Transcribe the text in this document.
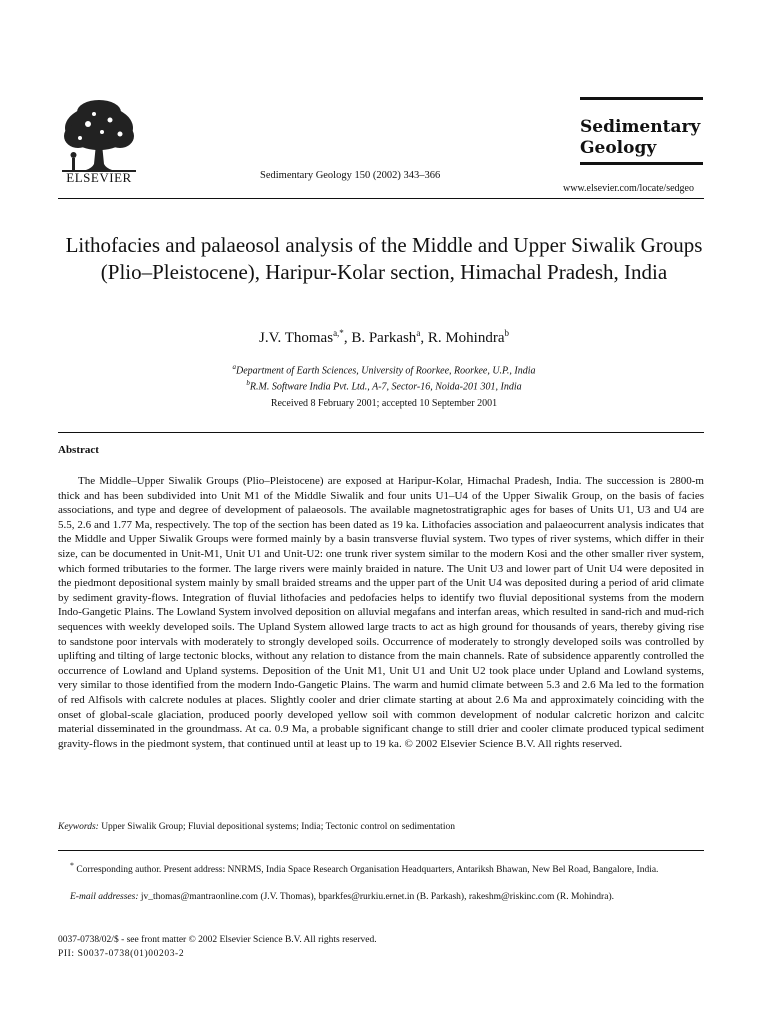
ELSEVIER	Sedimentary Geology 150 (2002) 343–366
Sedimentary Geology
www.elsevier.com/locate/sedgeo
Lithofacies and palaeosol analysis of the Middle and Upper Siwalik Groups (Plio–Pleistocene), Haripur-Kolar section, Himachal Pradesh, India
J.V. Thomas$^{a,*}$, B. Parkash$^a$, R. Mohindra$^b$
$^a$Department of Earth Sciences, University of Roorkee, Roorkee, U.P., India
$^b$R.M. Software India Pvt. Ltd., A-7, Sector-16, Noida-201 301, India
Received 8 February 2001; accepted 10 September 2001
Abstract
The Middle–Upper Siwalik Groups (Plio–Pleistocene) are exposed at Haripur-Kolar, Himachal Pradesh, India. The succession is 2800-m thick and has been subdivided into Unit M1 of the Middle Siwalik and four units U1–U4 of the Upper Siwalik Group, on the basis of facies associations, and type and degree of development of palaeosols. The available magnetostratigraphic ages for bases of Units U1, U3 and U4 are 5.5, 2.6 and 1.77 Ma, respectively. The top of the section has been dated as 19 ka. Lithofacies association and palaeocurrent analysis indicates that the Middle and Upper Siwalik Groups were formed mainly by a basin transverse fluvial system. Two types of river systems, which differ in their size, can be documented in Unit-M1, Unit U1 and Unit-U2: one trunk river system similar to the modern Kosi and the other smaller river system, which formed tributaries to the former. The large rivers were mainly braided in nature. The Unit U3 and lower part of Unit U4 were deposited in the piedmont depositional system mainly by small braided streams and the upper part of the Unit U4 was deposited during a period of arid climate by sediment gravity-flows. Integration of fluvial lithofacies and pedofacies helps to identify two fluvial depositional systems from the modern Indo-Gangetic Plains. The Lowland System involved deposition on alluvial megafans and interfan areas, which resulted in sand-rich and mud-rich sequences with weekly developed soils. The Upland System allowed large tracts to act as high ground for thousands of years, thereby giving rise to sandstone poor intervals with moderately to strongly developed soils. Occurrence of moderately to strongly developed soils was controlled by uplifting and tilting of large tectonic blocks, without any relation to distance from the main channels. Rate of subsidence apparently controlled the occurrence of Lowland and Upland systems. Deposition of the Unit M1, Unit U1 and Unit U2 took place under Upland and Lowland systems, very similar to those identified from the modern Indo-Gangetic Plains. The warm and humid climate between 5.3 and 2.6 Ma led to the formation of red Alfisols with calcrete nodules at places. Slightly cooler and drier climate starting at about 2.6 Ma and approximately coinciding with the onset of global-scale glaciation, produced poorly developed yellow soil with common development of nodular calcretic horizon and calcitc material disseminated in the groundmass. At ca. 0.9 Ma, a probable significant change to still drier and cooler climate produced typical sediment gravity-flows in the piedmont system, that continued until at least up to 19 ka. © 2002 Elsevier Science B.V. All rights reserved.
Keywords: Upper Siwalik Group; Fluvial depositional systems; India; Tectonic control on sedimentation
* Corresponding author. Present address: NNRMS, India Space Research Organisation Headquarters, Antariksh Bhawan, New Bel Road, Bangalore, India.
E-mail addresses: jv_thomas@mantraonline.com (J.V. Thomas), bparkfes@rurkiu.ernet.in (B. Parkash), rakeshm@riskinc.com (R. Mohindra).
0037-0738/02/$ - see front matter © 2002 Elsevier Science B.V. All rights reserved.
PII: S0037-0738(01)00203-2
